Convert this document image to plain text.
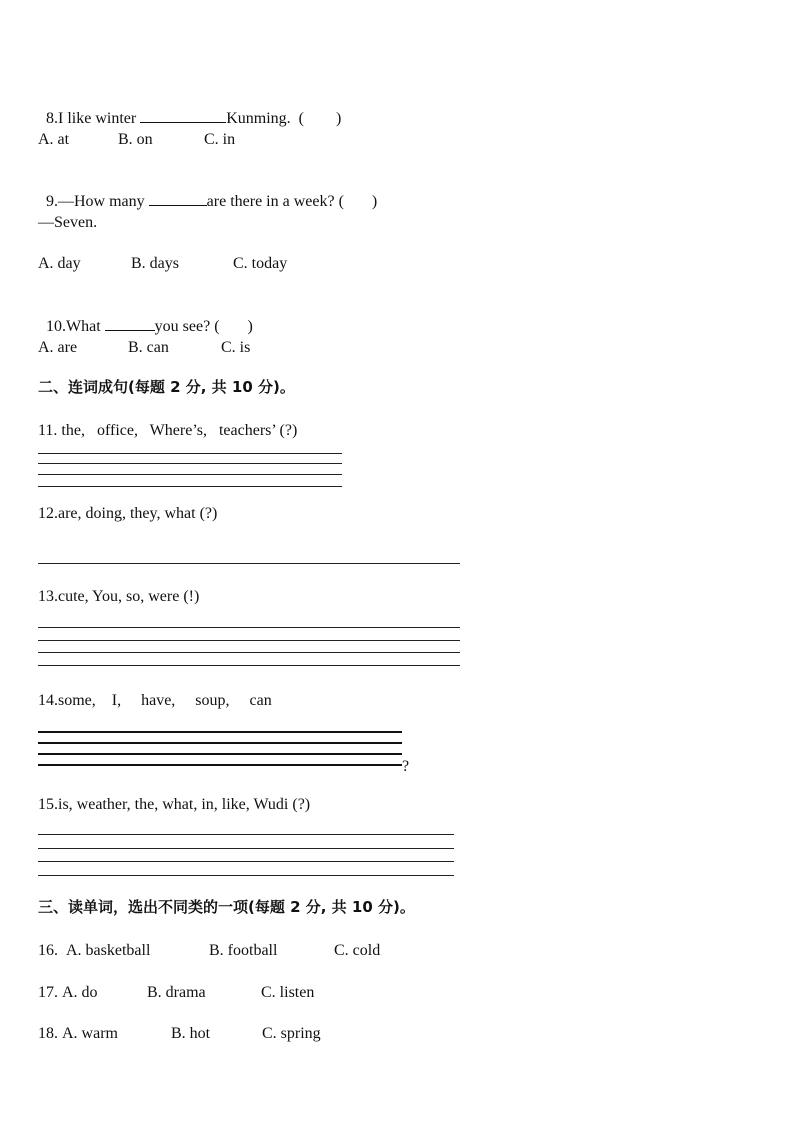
8.I like winter	Kunming.  (        )

A. at	B. on	C. in

9.—How many	are there in a week? (       )

—Seven.
A. day	B. days	C. today

10.What	you see? (       )

A. are	B. can	C. is
二、连词成句(每题 2 分, 共 10 分)。
11. the,   office,   Where’s,   teachers’ (?)
12.are, doing, they, what (?)
13.cute, You, so, were (!)
14.some,    I,     have,     soup,     can
?
15.is, weather, the, what, in, like, Wudi (?)
三、读单词，选出不同类的一项(每题 2 分, 共 10 分)。
16. A. basketball	B. football	C. cold
17. A. do	B. drama	C. listen
18. A. warm	B. hot	C. spring
